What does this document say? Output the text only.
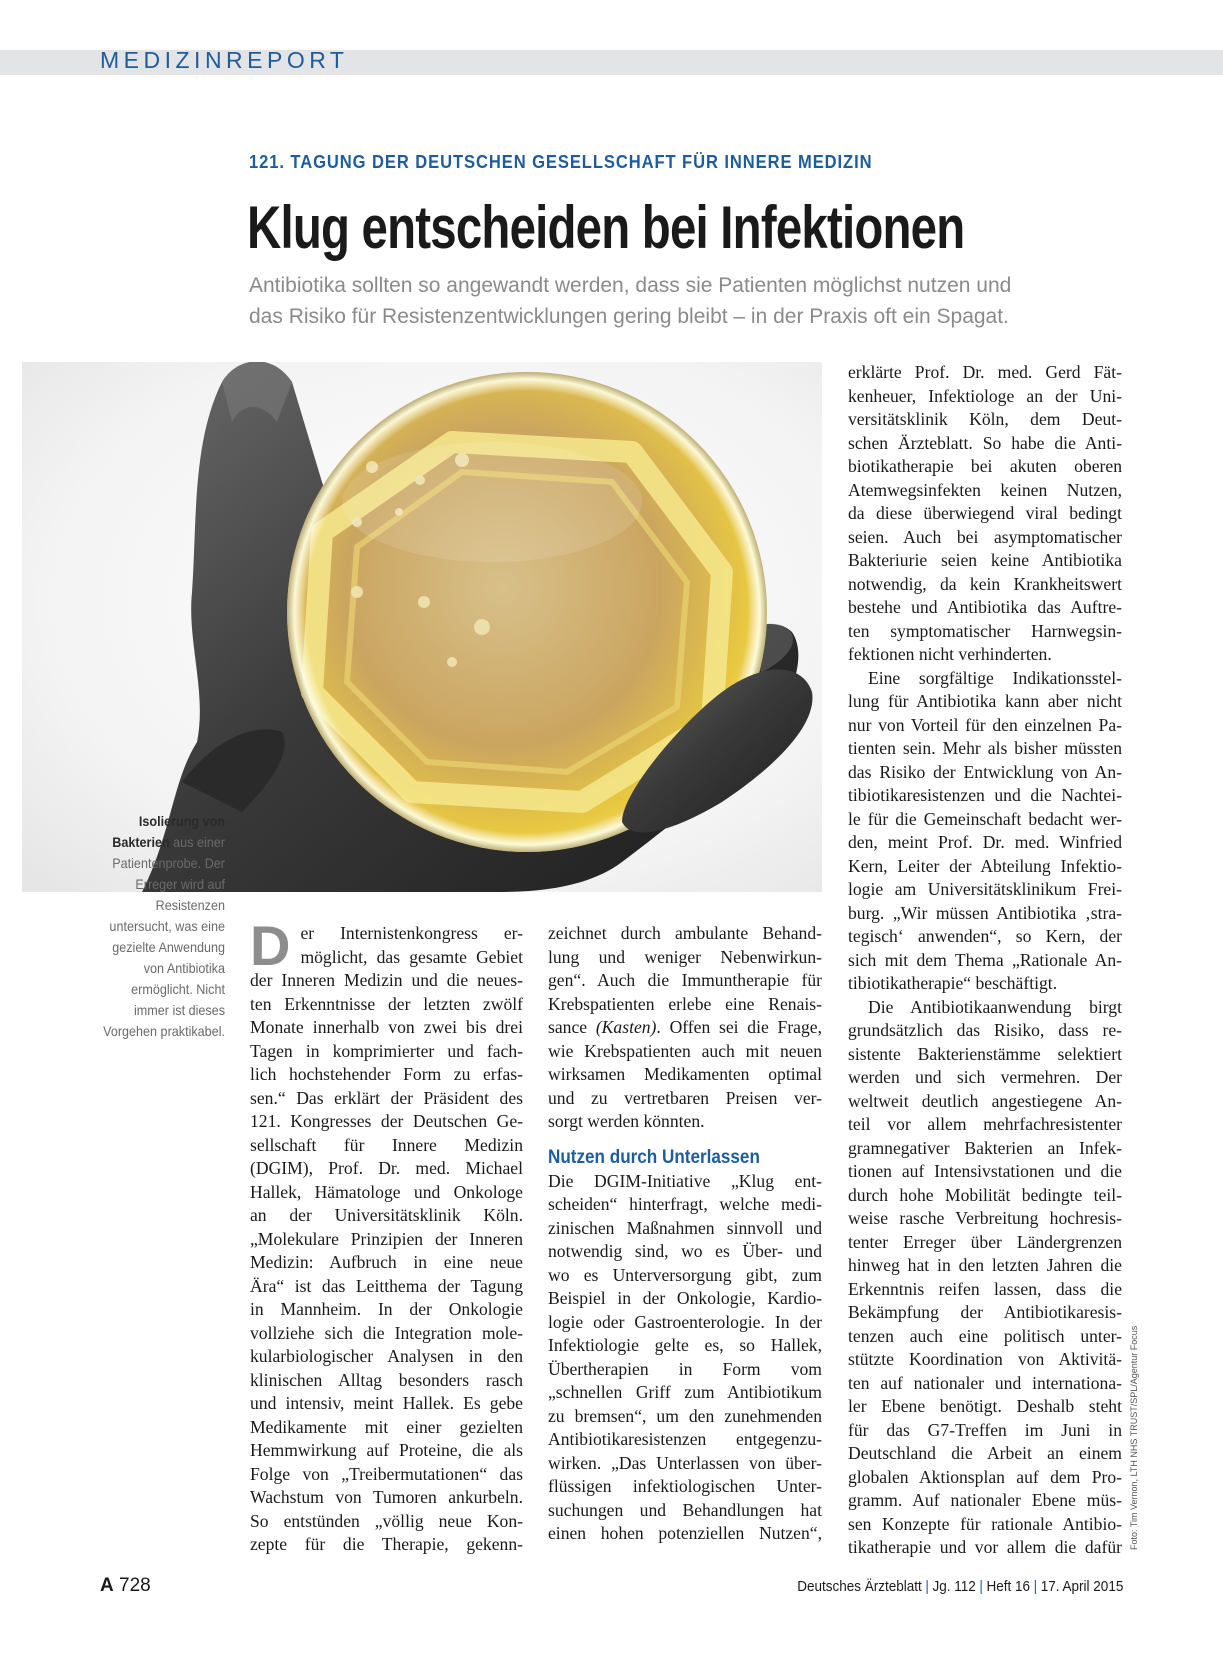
MEDIZINREPORT
121. TAGUNG DER DEUTSCHEN GESELLSCHAFT FÜR INNERE MEDIZIN
Klug entscheiden bei Infektionen

Antibiotika sollten so angewandt werden, dass sie Patienten möglichst nutzen und
das Risiko für Resistenzentwicklungen gering bleibt – in der Praxis oft ein Spagat.

Isolierung von Bakterien aus einer Patientenprobe. Der Erreger wird auf Resistenzen untersucht, was eine gezielte Anwendung von Antibiotika ermöglicht. Nicht immer ist dieses Vorgehen praktikabel.
D er Internistenkongress er-
möglicht, das gesamte Gebiet
der Inneren Medizin und die neues-
ten Erkenntnisse der letzten zwölf
Monate innerhalb von zwei bis drei
Tagen in komprimierter und fach-
lich hochstehender Form zu erfas-
sen.“ Das erklärt der Präsident des
121. Kongresses der Deutschen Ge-
sellschaft für Innere Medizin
(DGIM), Prof. Dr. med. Michael
Hallek, Hämatologe und Onkologe
an der Universitätsklinik Köln.
„Molekulare Prinzipien der Inneren
Medizin: Aufbruch in eine neue
Ära“ ist das Leitthema der Tagung
in Mannheim. In der Onkologie
vollziehe sich die Integration mole-
kularbiologischer Analysen in den
klinischen Alltag besonders rasch
und intensiv, meint Hallek. Es gebe
Medikamente mit einer gezielten
Hemmwirkung auf Proteine, die als
Folge von „Treibermutationen“ das
Wachstum von Tumoren ankurbeln.
So entstünden „völlig neue Kon-
zepte für die Therapie, gekenn-
zeichnet durch ambulante Behand-
lung und weniger Nebenwirkun-
gen“. Auch die Immuntherapie für
Krebspatienten erlebe eine Renais-
sance (Kasten). Offen sei die Frage,
wie Krebspatienten auch mit neuen
wirksamen Medikamenten optimal
und zu vertretbaren Preisen ver-
sorgt werden könnten.
Nutzen durch Unterlassen
Die DGIM-Initiative „Klug ent-
scheiden“ hinterfragt, welche medi-
zinischen Maßnahmen sinnvoll und
notwendig sind, wo es Über- und
wo es Unterversorgung gibt, zum
Beispiel in der Onkologie, Kardio-
logie oder Gastroenterologie. In der
Infektiologie gelte es, so Hallek,
Übertherapien in Form vom
„schnellen Griff zum Antibiotikum
zu bremsen“, um den zunehmenden
Antibiotikaresistenzen entgegenzu-
wirken. „Das Unterlassen von über-
flüssigen infektiologischen Unter-
suchungen und Behandlungen hat
einen hohen potenziellen Nutzen“,
erklärte Prof. Dr. med. Gerd Fät-
kenheuer, Infektiologe an der Uni-
versitätsklinik Köln, dem Deut-
schen Ärzteblatt. So habe die Anti-
biotikatherapie bei akuten oberen
Atemwegsinfekten keinen Nutzen,
da diese überwiegend viral bedingt
seien. Auch bei asymptomatischer
Bakteriurie seien keine Antibiotika
notwendig, da kein Krankheitswert
bestehe und Antibiotika das Auftre-
ten symptomatischer Harnwegsin-
fektionen nicht verhinderten.
Eine sorgfältige Indikationsstel-
lung für Antibiotika kann aber nicht
nur von Vorteil für den einzelnen Pa-
tienten sein. Mehr als bisher müssten
das Risiko der Entwicklung von An-
tibiotikaresistenzen und die Nachtei-
le für die Gemeinschaft bedacht wer-
den, meint Prof. Dr. med. Winfried
Kern, Leiter der Abteilung Infektio-
logie am Universitätsklinikum Frei-
burg. „Wir müssen Antibiotika ‚stra-
tegisch‘ anwenden“, so Kern, der
sich mit dem Thema „Rationale An-
tibiotikatherapie“ beschäftigt.
Die Antibiotikaanwendung birgt
grundsätzlich das Risiko, dass re-
sistente Bakterienstämme selektiert
werden und sich vermehren. Der
weltweit deutlich angestiegene An-
teil vor allem mehrfachresistenter
gramnegativer Bakterien an Infek-
tionen auf Intensivstationen und die
durch hohe Mobilität bedingte teil-
weise rasche Verbreitung hochresis-
tenter Erreger über Ländergrenzen
hinweg hat in den letzten Jahren die
Erkenntnis reifen lassen, dass die
Bekämpfung der Antibiotikaresis-
tenzen auch eine politisch unter-
stützte Koordination von Aktivitä-
ten auf nationaler und internationa-
ler Ebene benötigt. Deshalb steht
für das G7-Treffen im Juni in
Deutschland die Arbeit an einem
globalen Aktionsplan auf dem Pro-
gramm. Auf nationaler Ebene müs-
sen Konzepte für rationale Antibio-
tikatherapie und vor allem die dafür Foto: Tim Vernon, LTH NHS TRUST/SPL/Agentur Focus
A 728	Deutsches Ärzteblatt | Jg. 112 | Heft 16 | 17. April 2015
